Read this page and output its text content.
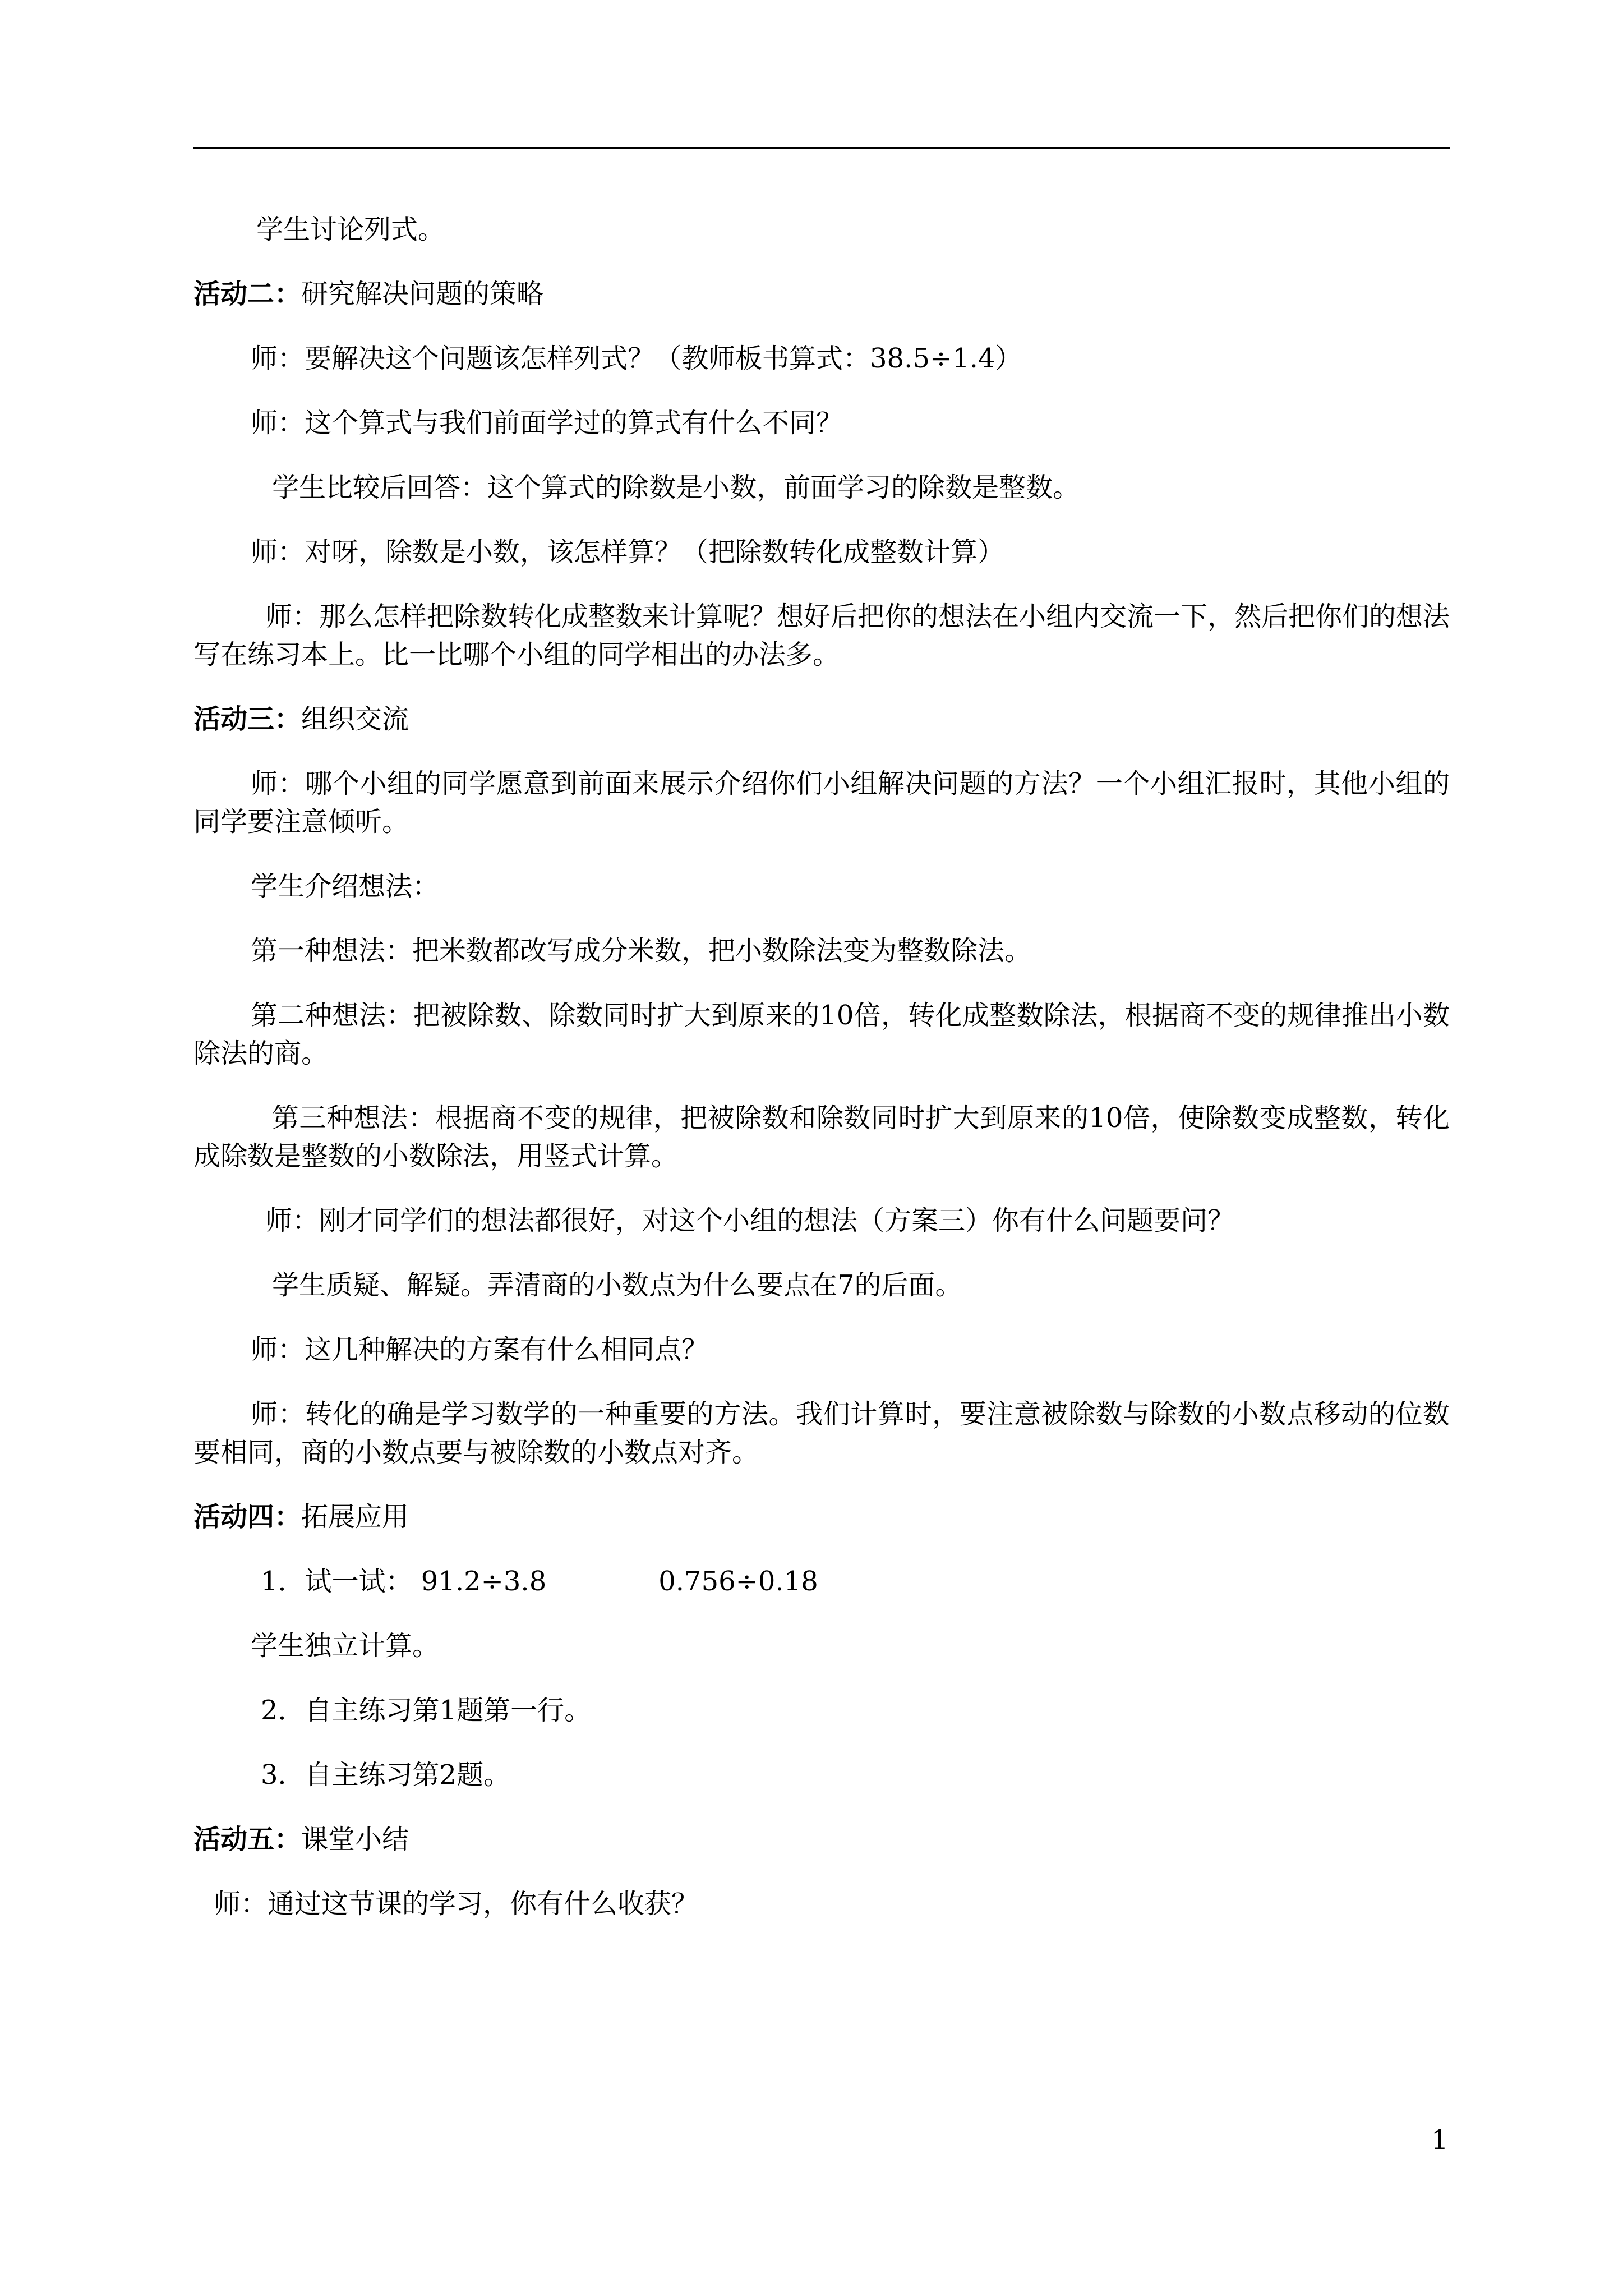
学生讨论列式。

活动二：研究解决问题的策略

师：要解决这个问题该怎样列式？（教师板书算式：38.5÷1.4）

师：这个算式与我们前面学过的算式有什么不同？

学生比较后回答：这个算式的除数是小数，前面学习的除数是整数。

师：对呀，除数是小数，该怎样算？（把除数转化成整数计算）

师：那么怎样把除数转化成整数来计算呢？想好后把你的想法在小组内交流一下，然后把你们的想法写在练习本上。比一比哪个小组的同学相出的办法多。

活动三：组织交流

师：哪个小组的同学愿意到前面来展示介绍你们小组解决问题的方法？一个小组汇报时，其他小组的同学要注意倾听。

学生介绍想法：

第一种想法：把米数都改写成分米数，把小数除法变为整数除法。

第二种想法：把被除数、除数同时扩大到原来的10倍，转化成整数除法，根据商不变的规律推出小数除法的商。

第三种想法：根据商不变的规律，把被除数和除数同时扩大到原来的10倍，使除数变成整数，转化成除数是整数的小数除法，用竖式计算。

师：刚才同学们的想法都很好，对这个小组的想法（方案三）你有什么问题要问？

学生质疑、解疑。弄清商的小数点为什么要点在7的后面。

师：这几种解决的方案有什么相同点？

师：转化的确是学习数学的一种重要的方法。我们计算时，要注意被除数与除数的小数点移动的位数要相同，商的小数点要与被除数的小数点对齐。

活动四：拓展应用

1．试一试： 91.2÷3.8	0.756÷0.18

学生独立计算。

2．自主练习第1题第一行。

3．自主练习第2题。

活动五：课堂小结

师：通过这节课的学习，你有什么收获？

1
